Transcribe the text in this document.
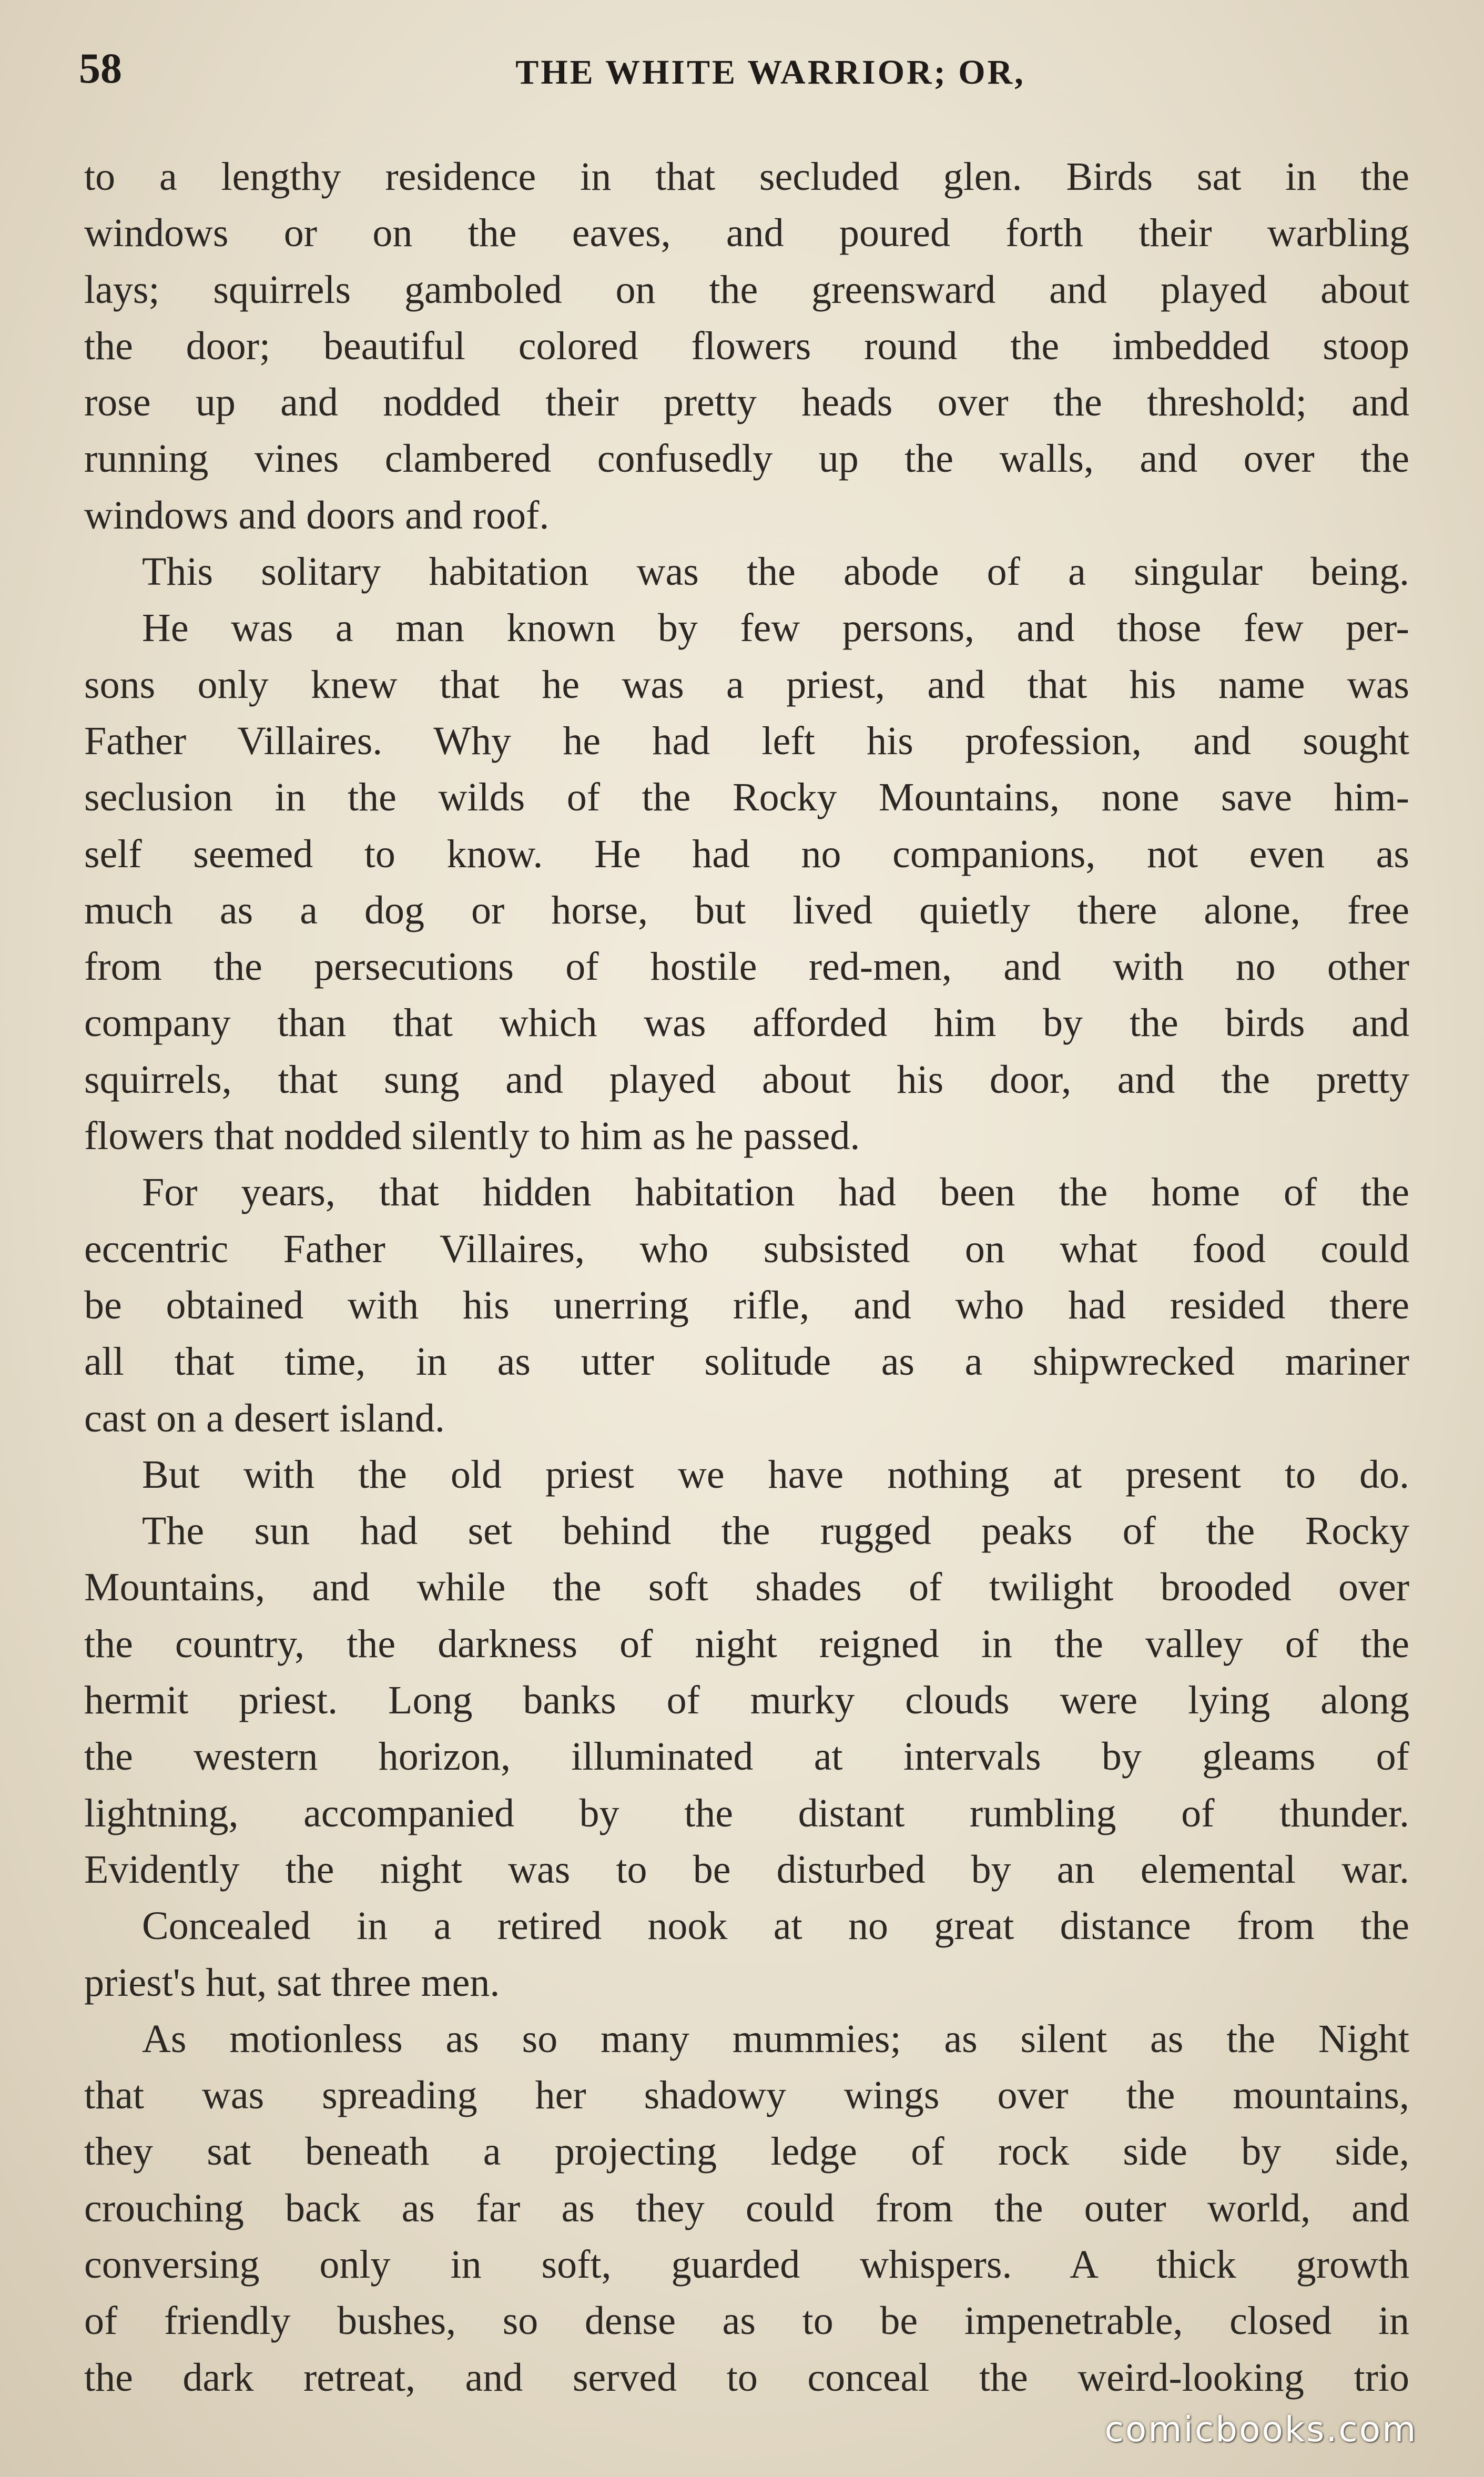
58	THE WHITE WARRIOR; OR,
to a lengthy residence in that secluded glen. Birds sat in the
windows or on the eaves, and poured forth their warbling
lays; squirrels gamboled on the greensward and played about
the door; beautiful colored flowers round the imbedded stoop
rose up and nodded their pretty heads over the threshold; and
running vines clambered confusedly up the walls, and over the
windows and doors and roof.
This solitary habitation was the abode of a singular being.
He was a man known by few persons, and those few per-
sons only knew that he was a priest, and that his name was
Father Villaires. Why he had left his profession, and sought
seclusion in the wilds of the Rocky Mountains, none save him-
self seemed to know. He had no companions, not even as
much as a dog or horse, but lived quietly there alone, free
from the persecutions of hostile red-men, and with no other
company than that which was afforded him by the birds and
squirrels, that sung and played about his door, and the pretty
flowers that nodded silently to him as he passed.
For years, that hidden habitation had been the home of the
eccentric Father Villaires, who subsisted on what food could
be obtained with his unerring rifle, and who had resided there
all that time, in as utter solitude as a shipwrecked mariner
cast on a desert island.
But with the old priest we have nothing at present to do.
The sun had set behind the rugged peaks of the Rocky
Mountains, and while the soft shades of twilight brooded over
the country, the darkness of night reigned in the valley of the
hermit priest. Long banks of murky clouds were lying along
the western horizon, illuminated at intervals by gleams of
lightning, accompanied by the distant rumbling of thunder.
Evidently the night was to be disturbed by an elemental war.
Concealed in a retired nook at no great distance from the
priest's hut, sat three men.
As motionless as so many mummies; as silent as the Night
that was spreading her shadowy wings over the mountains,
they sat beneath a projecting ledge of rock side by side,
crouching back as far as they could from the outer world, and
conversing only in soft, guarded whispers. A thick growth
of friendly bushes, so dense as to be impenetrable, closed in
the dark retreat, and served to conceal the weird-looking trio
comicbooks.com
